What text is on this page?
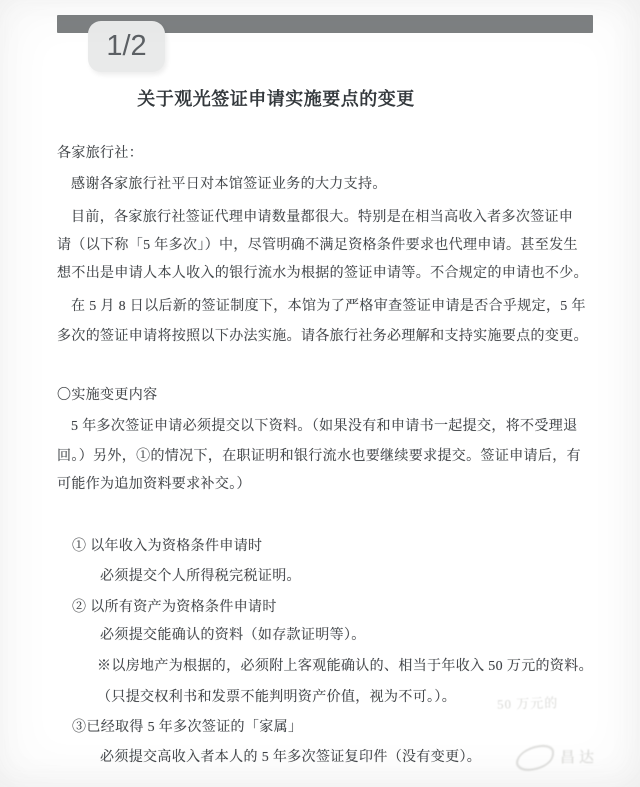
1/2
关于观光签证申请实施要点的变更
各家旅行社：
感谢各家旅行社平日对本馆签证业务的大力支持。
目前，各家旅行社签证代理申请数量都很大。特别是在相当高收入者多次签证申
请（以下称「5 年多次」）中，尽管明确不满足资格条件要求也代理申请。甚至发生
想不出是申请人本人收入的银行流水为根据的签证申请等。不合规定的申请也不少。
在 5 月 8 日以后新的签证制度下，本馆为了严格审查签证申请是否合乎规定，5 年
多次的签证申请将按照以下办法实施。请各旅行社务必理解和支持实施要点的变更。
〇实施变更内容
5 年多次签证申请必须提交以下资料。（如果没有和申请书一起提交，将不受理退
回。）另外，①的情况下，在职证明和银行流水也要继续要求提交。签证申请后，有
可能作为追加资料要求补交。）
① 以年收入为资格条件申请时
必须提交个人所得税完税证明。
② 以所有资产为资格条件申请时
必须提交能确认的资料（如存款证明等）。
※以房地产为根据的，必须附上客观能确认的、相当于年收入 50 万元的资料。
（只提交权利书和发票不能判明资产价值，视为不可。）。
③已经取得 5 年多次签证的「家属」
必须提交高收入者本人的 5 年多次签证复印件（没有变更）。
50 万元的
昌达
